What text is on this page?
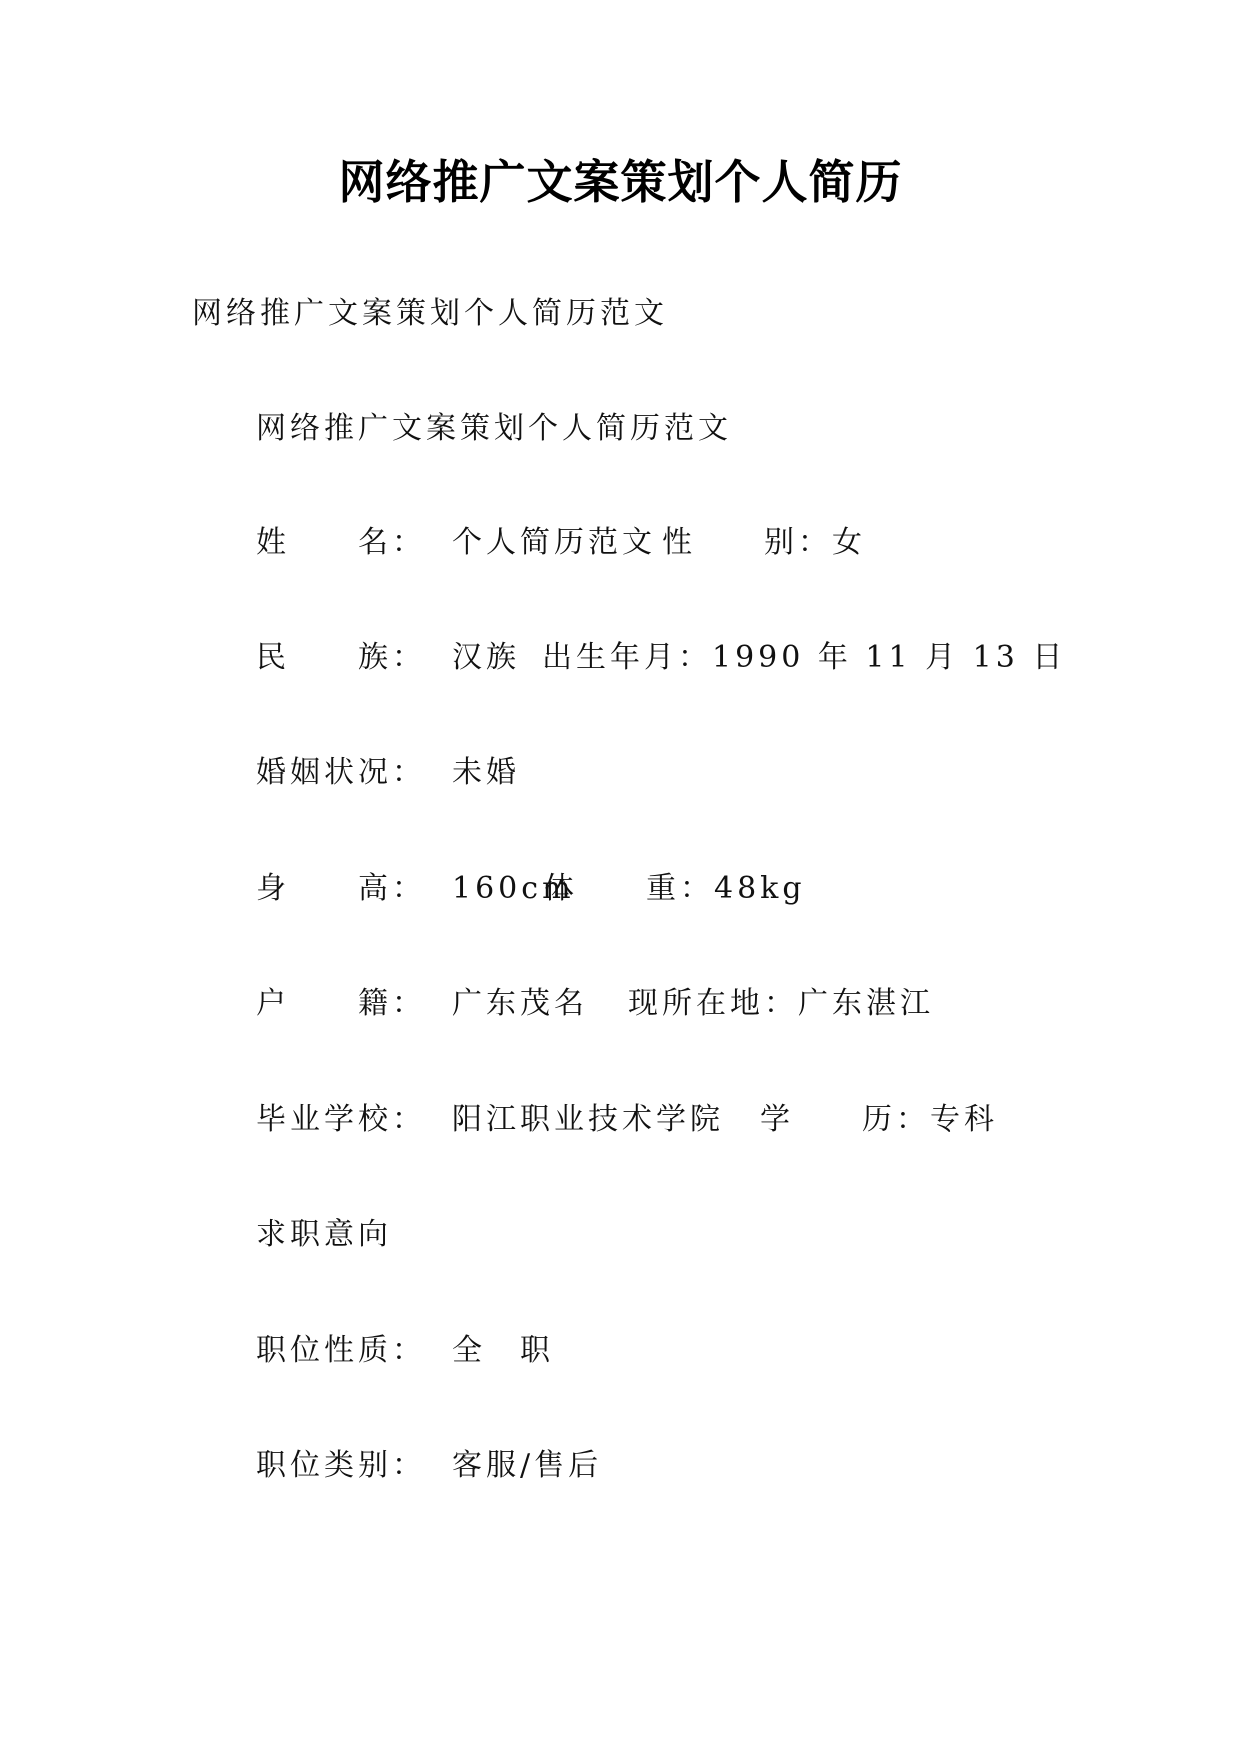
网络推广文案策划个人简历
网络推广文案策划个人简历范文
网络推广文案策划个人简历范文
姓　　名： 个人简历范文 性　　别：女
民　　族： 汉族 出生年月：1990 年 11 月 13 日
婚姻状况： 未婚
身　　高： 160cm体　　重：48kg
户　　籍： 广东茂名 现所在地：广东湛江
毕业学校： 阳江职业技术学院 学　　历：专科
求职意向
职位性质： 全　职
职位类别： 客服/售后
